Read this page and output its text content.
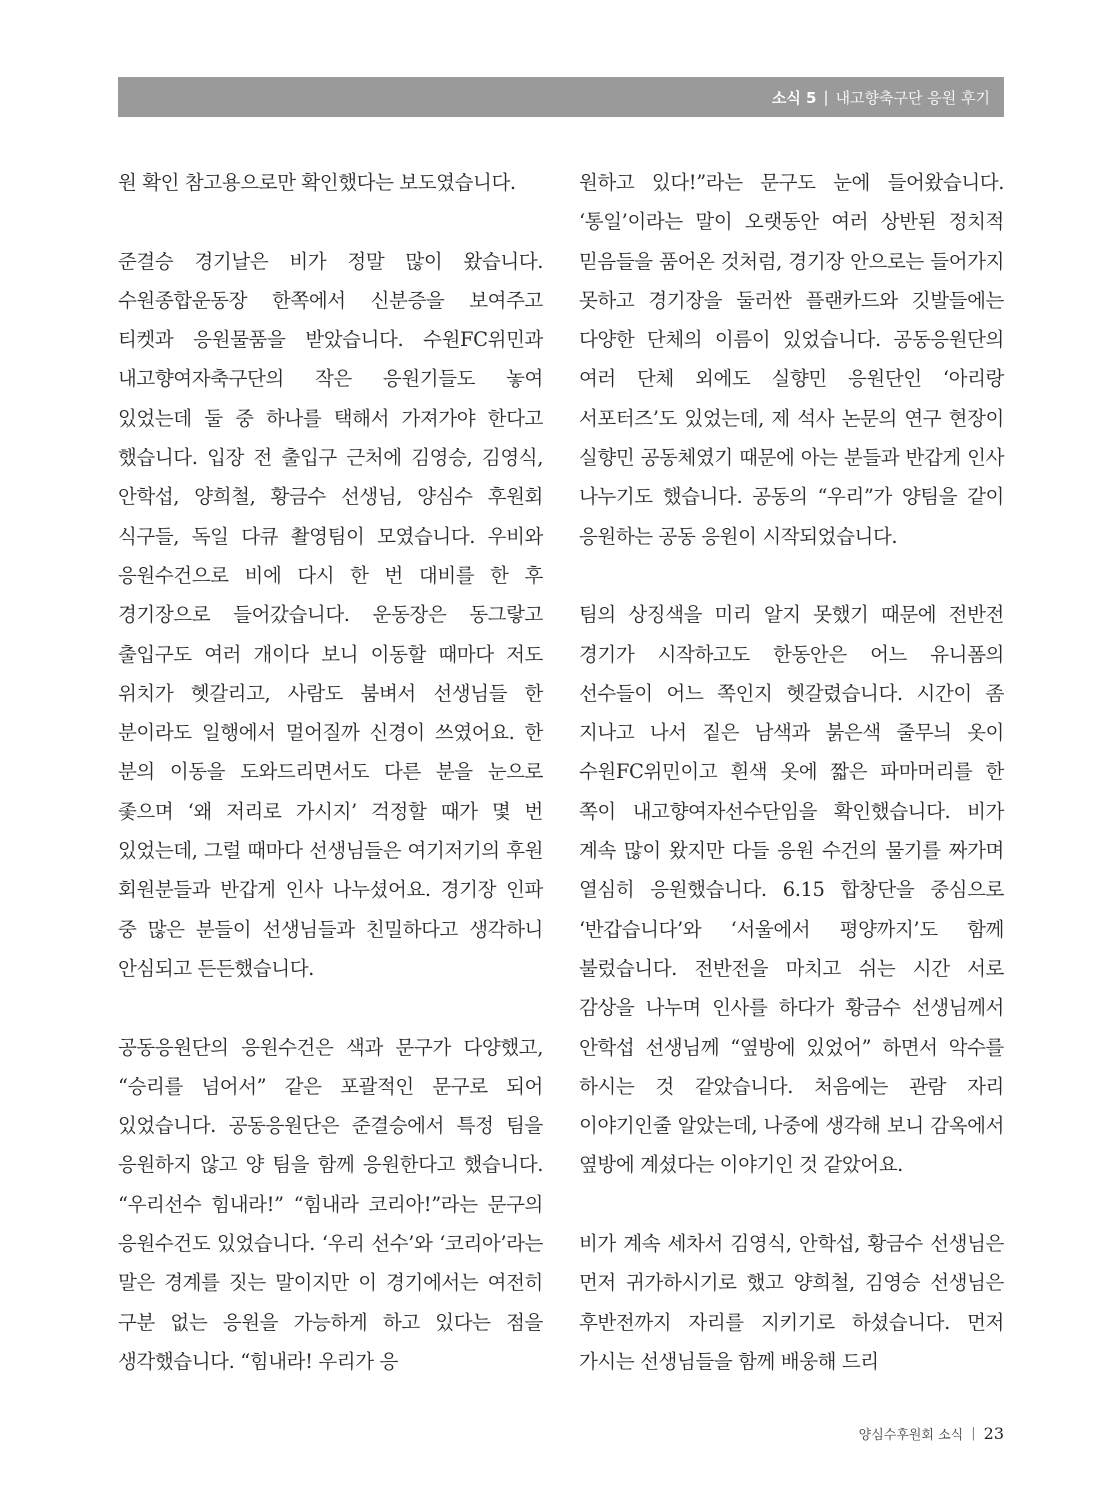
소식 5 | 내고향축구단 응원 후기

원 확인 참고용으로만 확인했다는 보도였습니다.

준결승 경기날은 비가 정말 많이 왔습니다. 수원종합운동장 한쪽에서 신분증을 보여주고 티켓과 응원물품을 받았습니다. 수원FC위민과 내고향여자축구단의 작은 응원기들도 놓여 있었는데 둘 중 하나를 택해서 가져가야 한다고 했습니다. 입장 전 출입구 근처에 김영승, 김영식, 안학섭, 양희철, 황금수 선생님, 양심수 후원회 식구들, 독일 다큐 촬영팀이 모였습니다. 우비와 응원수건으로 비에 다시 한 번 대비를 한 후 경기장으로 들어갔습니다. 운동장은 동그랗고 출입구도 여러 개이다 보니 이동할 때마다 저도 위치가 헷갈리고, 사람도 붐벼서 선생님들 한 분이라도 일행에서 멀어질까 신경이 쓰였어요. 한 분의 이동을 도와드리면서도 다른 분을 눈으로 좇으며 ‘왜 저리로 가시지’ 걱정할 때가 몇 번 있었는데, 그럴 때마다 선생님들은 여기저기의 후원 회원분들과 반갑게 인사 나누셨어요. 경기장 인파 중 많은 분들이 선생님들과 친밀하다고 생각하니 안심되고 든든했습니다.

공동응원단의 응원수건은 색과 문구가 다양했고, “승리를 넘어서” 같은 포괄적인 문구로 되어 있었습니다. 공동응원단은 준결승에서 특정 팀을 응원하지 않고 양 팀을 함께 응원한다고 했습니다. “우리선수 힘내라!” “힘내라 코리아!”라는 문구의 응원수건도 있었습니다. ‘우리 선수’와 ‘코리아’라는 말은 경계를 짓는 말이지만 이 경기에서는 여전히 구분 없는 응원을 가능하게 하고 있다는 점을 생각했습니다. “힘내라! 우리가 응

원하고 있다!”라는 문구도 눈에 들어왔습니다. ‘통일’이라는 말이 오랫동안 여러 상반된 정치적 믿음들을 품어온 것처럼, 경기장 안으로는 들어가지 못하고 경기장을 둘러싼 플랜카드와 깃발들에는 다양한 단체의 이름이 있었습니다. 공동응원단의 여러 단체 외에도 실향민 응원단인 ‘아리랑 서포터즈’도 있었는데, 제 석사 논문의 연구 현장이 실향민 공동체였기 때문에 아는 분들과 반갑게 인사 나누기도 했습니다. 공동의 “우리”가 양팀을 같이 응원하는 공동 응원이 시작되었습니다.

팀의 상징색을 미리 알지 못했기 때문에 전반전 경기가 시작하고도 한동안은 어느 유니폼의 선수들이 어느 쪽인지 헷갈렸습니다. 시간이 좀 지나고 나서 짙은 남색과 붉은색 줄무늬 옷이 수원FC위민이고 흰색 옷에 짧은 파마머리를 한 쪽이 내고향여자선수단임을 확인했습니다. 비가 계속 많이 왔지만 다들 응원 수건의 물기를 짜가며 열심히 응원했습니다. 6.15 합창단을 중심으로 ‘반갑습니다’와 ‘서울에서 평양까지’도 함께 불렀습니다. 전반전을 마치고 쉬는 시간 서로 감상을 나누며 인사를 하다가 황금수 선생님께서 안학섭 선생님께 “옆방에 있었어” 하면서 악수를 하시는 것 같았습니다. 처음에는 관람 자리 이야기인줄 알았는데, 나중에 생각해 보니 감옥에서 옆방에 계셨다는 이야기인 것 같았어요.

비가 계속 세차서 김영식, 안학섭, 황금수 선생님은 먼저 귀가하시기로 했고 양희철, 김영승 선생님은 후반전까지 자리를 지키기로 하셨습니다. 먼저 가시는 선생님들을 함께 배웅해 드리

양심수후원회 소식 | 23
